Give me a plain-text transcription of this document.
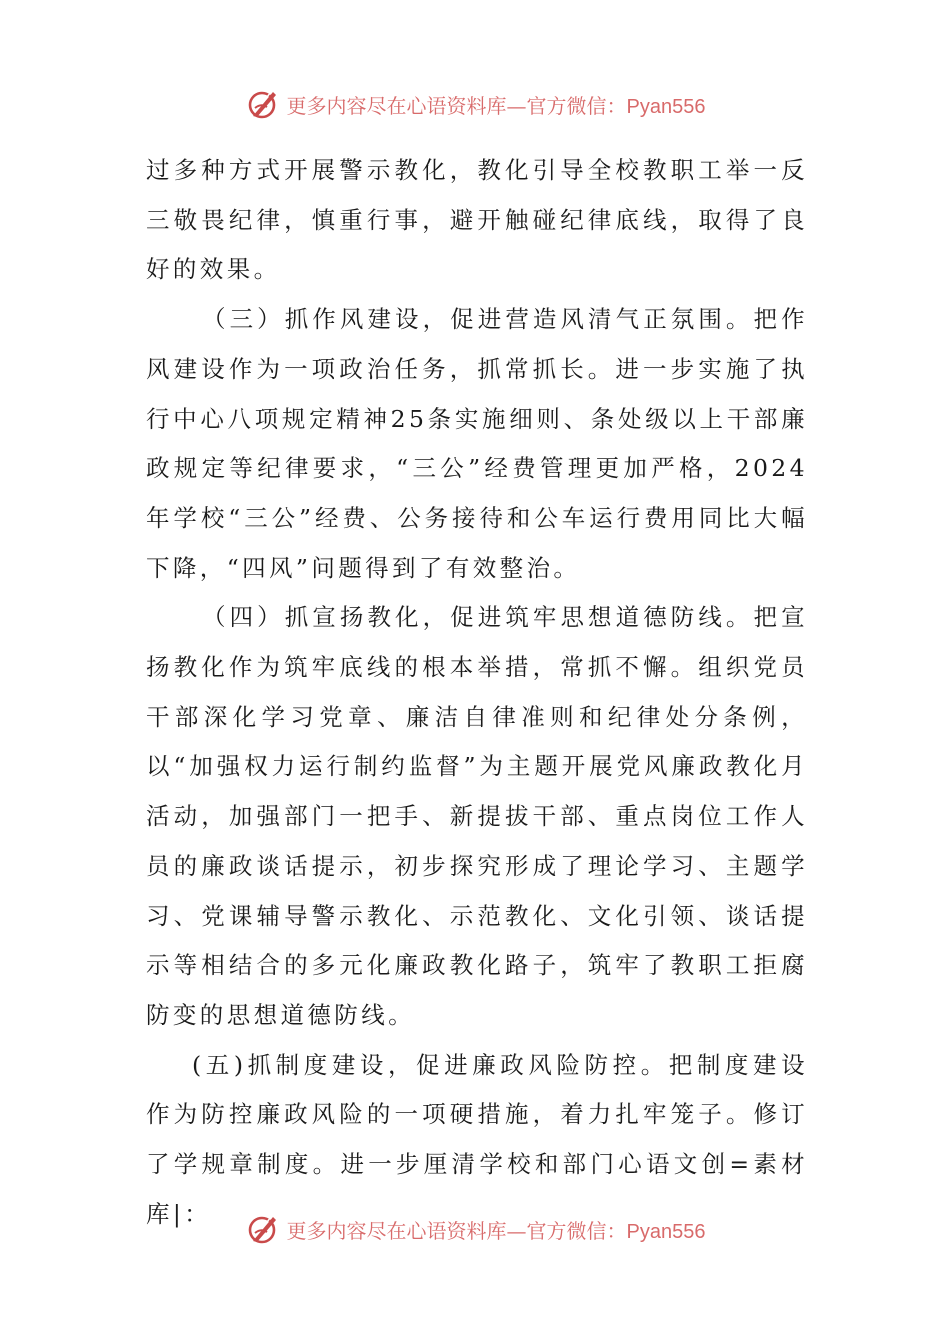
更多内容尽在心语资料库—官方微信：Pyan556

过多种方式开展警示教化，教化引导全校教职工举一反三敬畏纪律，慎重行事，避开触碰纪律底线，取得了良好的效果。

（三）抓作风建设，促进营造风清气正氛围。把作风建设作为一项政治任务，抓常抓长。进一步实施了执行中心八项规定精神25条实施细则、条处级以上干部廉政规定等纪律要求，“三公”经费管理更加严格，2024年学校“三公”经费、公务接待和公车运行费用同比大幅下降，“四风”问题得到了有效整治。

（四）抓宣扬教化，促进筑牢思想道德防线。把宣扬教化作为筑牢底线的根本举措，常抓不懈。组织党员干部深化学习党章、廉洁自律准则和纪律处分条例，以“加强权力运行制约监督”为主题开展党风廉政教化月活动，加强部门一把手、新提拔干部、重点岗位工作人员的廉政谈话提示，初步探究形成了理论学习、主题学习、党课辅导警示教化、示范教化、文化引领、谈话提示等相结合的多元化廉政教化路子，筑牢了教职工拒腐防变的思想道德防线。

(五)抓制度建设，促进廉政风险防控。把制度建设作为防控廉政风险的一项硬措施，着力扎牢笼子。修订了学规章制度。进一步厘清学校和部门心语文创=素材库|：

更多内容尽在心语资料库—官方微信：Pyan556
